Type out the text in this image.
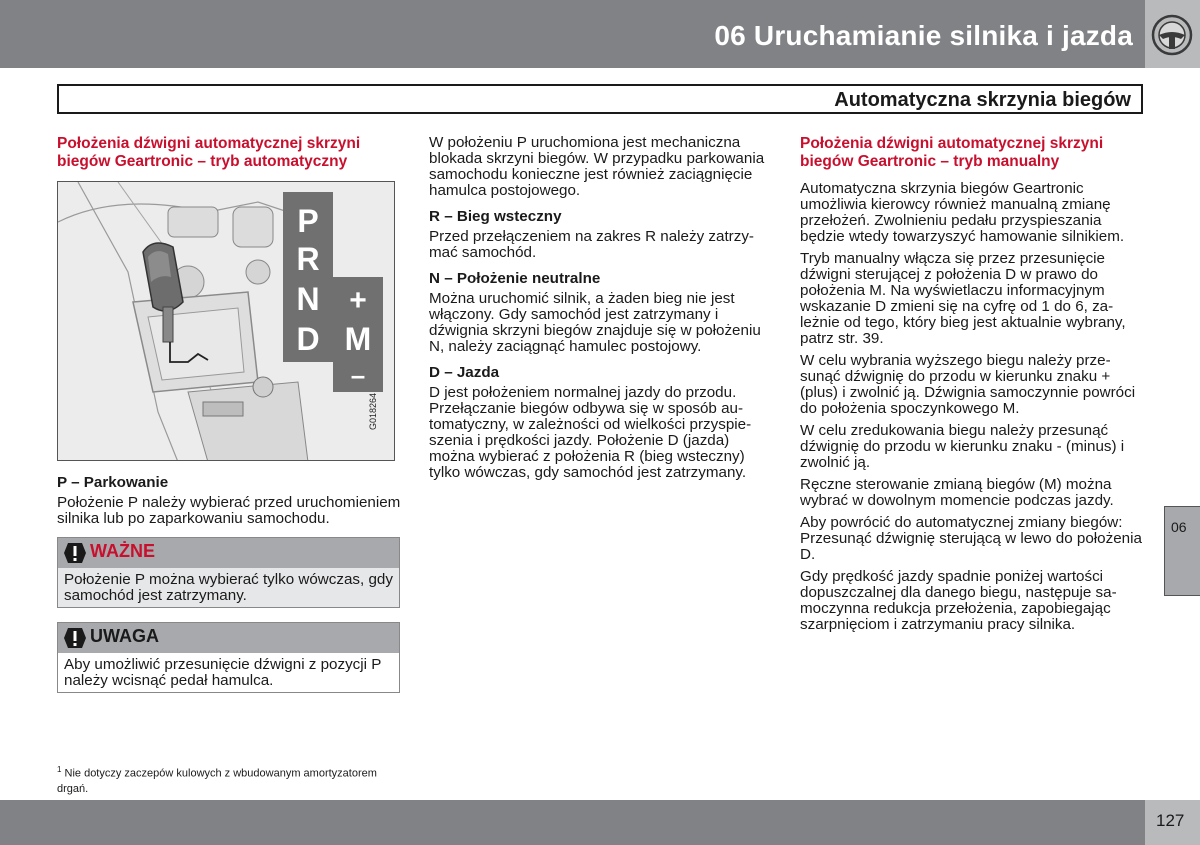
06 Uruchamianie silnika i jazda
Automatyczna skrzynia biegów
Położenia dźwigni automatycznej skrzyni biegów Geartronic – tryb automatyczny
P
R
N
D
+
M
–
G018264
P – Parkowanie

Położenie P należy wybierać przed uruchomieniem silnika lub po zaparkowaniu samochodu.

WAŻNE
Położenie P można wybierać tylko wówczas, gdy samochód jest zatrzymany.
UWAGA
Aby umożliwić przesunięcie dźwigni z pozycji P należy wcisnąć pedał hamulca.

W położeniu P uruchomiona jest mechaniczna blokada skrzyni biegów. W przypadku parkowania samochodu konieczne jest również zaciągnięcie hamulca postojowego.

R – Bieg wsteczny

Przed przełączeniem na zakres R należy zatrzymać samochód.

N – Położenie neutralne

Można uruchomić silnik, a żaden bieg nie jest włączony. Gdy samochód jest zatrzymany i dźwignia skrzyni biegów znajduje się w położeniu N, należy zaciągnąć hamulec postojowy.

D – Jazda

D jest położeniem normalnej jazdy do przodu. Przełączanie biegów odbywa się w sposób automatyczny, w zależności od wielkości przyspieszenia i prędkości jazdy. Położenie D (jazda) można wybierać z położenia R (bieg wsteczny) tylko wówczas, gdy samochód jest zatrzymany.

Położenia dźwigni automatycznej skrzyni biegów Geartronic – tryb manualny

Automatyczna skrzynia biegów Geartronic umożliwia kierowcy również manualną zmianę przełożeń. Zwolnieniu pedału przyspieszania będzie wtedy towarzyszyć hamowanie silnikiem.

Tryb manualny włącza się przez przesunięcie dźwigni sterującej z położenia D w prawo do położenia M. Na wyświetlaczu informacyjnym wskazanie D zmieni się na cyfrę od 1 do 6, zależnie od tego, który bieg jest aktualnie wybrany, patrz str. 39.

W celu wybrania wyższego biegu należy przesunąć dźwignię do przodu w kierunku znaku + (plus) i zwolnić ją. Dźwignia samoczynnie powróci do położenia spoczynkowego M.

W celu zredukowania biegu należy przesunąć dźwignię do przodu w kierunku znaku - (minus) i zwolnić ją.

Ręczne sterowanie zmianą biegów (M) można wybrać w dowolnym momencie podczas jazdy.

Aby powrócić do automatycznej zmiany biegów: Przesunąć dźwignię sterującą w lewo do położenia D.

Gdy prędkość jazdy spadnie poniżej wartości dopuszczalnej dla danego biegu, następuje samoczynna redukcja przełożenia, zapobiegając szarpnięciom i zatrzymaniu pracy silnika.

$^1$ Nie dotyczy zaczepów kulowych z wbudowanym amortyzatorem drgań.
06
127
